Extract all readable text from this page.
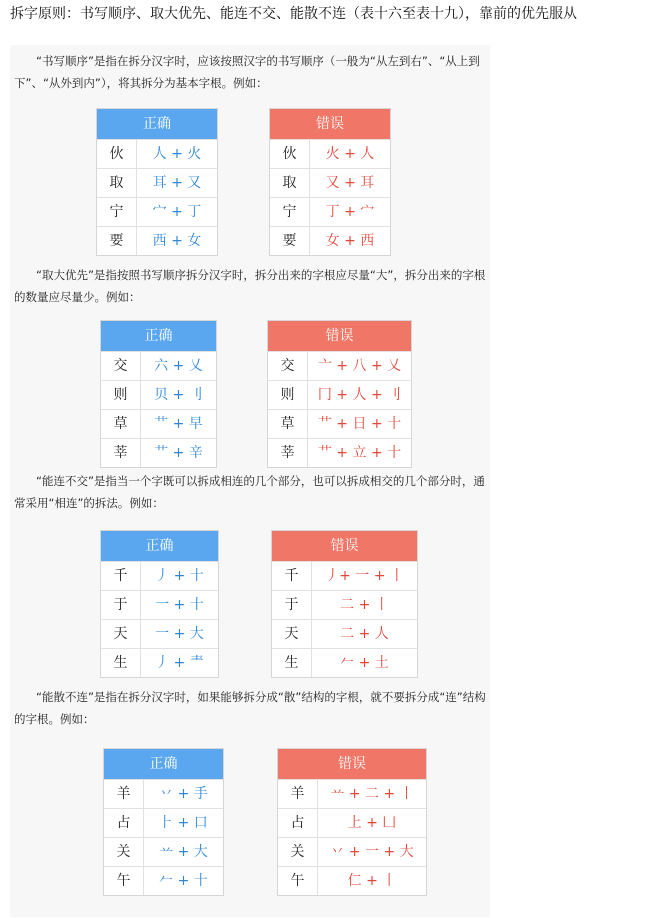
拆字原则：书写顺序、取大优先、能连不交、能散不连（表十六至表十九），靠前的优先服从

“书写顺序”是指在拆分汉字时，应该按照汉字的书写顺序（一般为“从左到右”、“从上到下”、“从外到内”），将其拆分为基本字根。例如：

正确
伙	人 + 火
取	耳 + 又
宁	宀 + 丁
要	西 + 女
错误
伙	火 + 人
取	又 + 耳
宁	丁 + 宀
要	女 + 西

“取大优先”是指按照书写顺序拆分汉字时，拆分出来的字根应尽量“大”，拆分出来的字根的数量应尽量少。例如：

正确
交	六 + 乂
则	贝 + 刂
草	艹 + 早
莘	艹 + 辛
错误
交	亠 + 八 + 乂
则	冂 + 人 + 刂
草	艹 + 日 + 十
莘	艹 + 立 + 十

“能连不交”是指当一个字既可以拆成相连的几个部分，也可以拆成相交的几个部分时，通常采用“相连”的拆法。例如：

正确
千	丿 + 十
于	一 + 十
天	一 + 大
生	丿 + 龶
错误
千	丿+ 一 + 丨
于	二 + 丨
天	二 + 人
生	𠂉 + 土

“能散不连”是指在拆分汉字时，如果能够拆分成“散”结构的字根，就不要拆分成“连”结构的字根。例如：

正确
羊	丷 + 手
占	⺊ + 口
关	䒑 + 大
午	𠂉 + 十
错误
羊	䒑 + 二 + 丨
占	上 + 凵
关	丷 + 一 + 大
午	仁 + 丨
